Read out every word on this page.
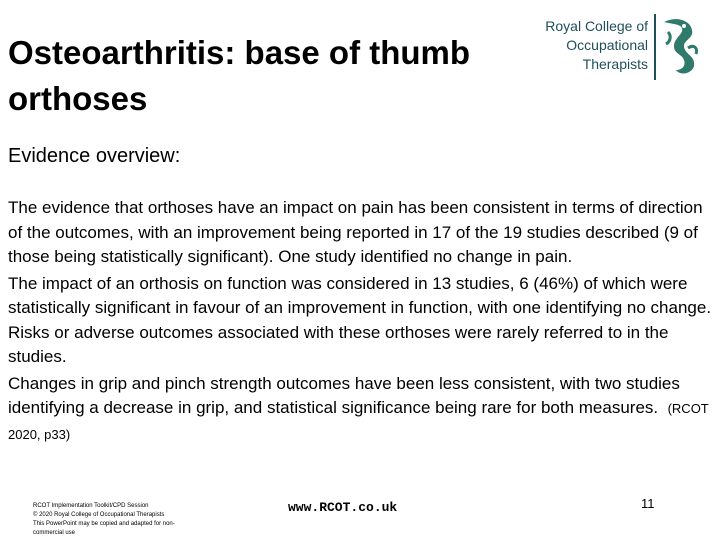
Osteoarthritis: base of thumb orthoses
Royal College of
Occupational
Therapists
Evidence overview:

The evidence that orthoses have an impact on pain has been consistent in terms of direction of the outcomes, with an improvement being reported in 17 of the 19 studies described (9 of those being statistically significant). One study identified no change in pain.

The impact of an orthosis on function was considered in 13 studies, 6 (46%) of which were statistically significant in favour of an improvement in function, with one identifying no change. Risks or adverse outcomes associated with these orthoses were rarely referred to in the studies.

Changes in grip and pinch strength outcomes have been less consistent, with two studies identifying a decrease in grip, and statistical significance being rare for both measures. (RCOT 2020, p33)

RCOT Implementation Toolkit/CPD Session
© 2020 Royal College of Occupational Therapists
This PowerPoint may be copied and adapted for non-
commercial use
www.RCOT.co.uk	11
